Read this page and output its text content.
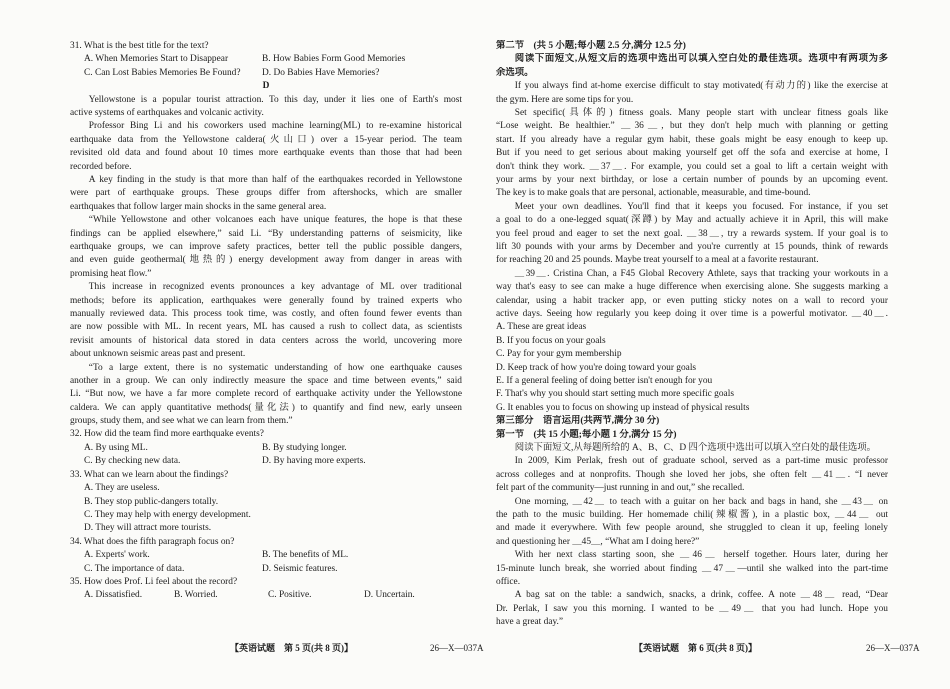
31. What is the best title for the text?
A. When Memories Start to Disappear	B. How Babies Form Good Memories
C. Can Lost Babies Memories Be Found?	D. Do Babies Have Memories?
D
Yellowstone is a popular tourist attraction. To this day, under it lies one of Earth's most
active systems of earthquakes and volcanic activity.
Professor Bing Li and his coworkers used machine learning(ML) to re-examine historical
earthquake data from the Yellowstone caldera(火山口) over a 15-year period. The team
revisited old data and found about 10 times more earthquake events than those that had been
recorded before.
A key finding in the study is that more than half of the earthquakes recorded in Yellowstone
were part of earthquake groups. These groups differ from aftershocks, which are smaller
earthquakes that follow larger main shocks in the same general area.
“While Yellowstone and other volcanoes each have unique features, the hope is that these
findings can be applied elsewhere,” said Li. “By understanding patterns of seismicity, like
earthquake groups, we can improve safety practices, better tell the public possible dangers,
and even guide geothermal(地热的) energy development away from danger in areas with
promising heat flow.”
This increase in recognized events pronounces a key advantage of ML over traditional
methods; before its application, earthquakes were generally found by trained experts who
manually reviewed data. This process took time, was costly, and often found fewer events than
are now possible with ML. In recent years, ML has caused a rush to collect data, as scientists
revisit amounts of historical data stored in data centers across the world, uncovering more
about unknown seismic areas past and present.
“To a large extent, there is no systematic understanding of how one earthquake causes
another in a group. We can only indirectly measure the space and time between events,” said
Li. “But now, we have a far more complete record of earthquake activity under the Yellowstone
caldera. We can apply quantitative methods(量化法) to quantify and find new, early unseen
groups, study them, and see what we can learn from them.”
32. How did the team find more earthquake events?
A. By using ML.	B. By studying longer.
C. By checking new data.	D. By having more experts.
33. What can we learn about the findings?
A. They are useless.
B. They stop public-dangers totally.
C. They may help with energy development.
D. They will attract more tourists.
34. What does the fifth paragraph focus on?
A. Experts' work.	B. The benefits of ML.
C. The importance of data.	D. Seismic features.
35. How does Prof. Li feel about the record?
A. Dissatisfied.	B. Worried.	C. Positive.	D. Uncertain.
【英语试题　第 5 页(共 8 页)】	26—X—037A
第二节　(共 5 小题;每小题 2.5 分,满分 12.5 分)
阅读下面短文,从短文后的选项中选出可以填入空白处的最佳选项。选项中有两项为多
余选项。
If you always find at-home exercise difficult to stay motivated(有动力的) like the exercise at
the gym. Here are some tips for you.
Set specific(具体的) fitness goals. Many people start with unclear fitness goals like
“Lose weight. Be healthier.” ＿36＿, but they don't help much with planning or getting
start. If you already have a regular gym habit, these goals might be easy enough to keep up.
But if you need to get serious about making yourself get off the sofa and exercise at home, I
don't think they work. ＿37＿. For example, you could set a goal to lift a certain weight with
your arms by your next birthday, or lose a certain number of pounds by an upcoming event.
The key is to make goals that are personal, actionable, measurable, and time-bound.
Meet your own deadlines. You'll find that it keeps you focused. For instance, if you set
a goal to do a one-legged squat(深蹲) by May and actually achieve it in April, this will make
you feel proud and eager to set the next goal. ＿38＿, try a rewards system. If your goal is to
lift 30 pounds with your arms by December and you're currently at 15 pounds, think of rewards
for reaching 20 and 25 pounds. Maybe treat yourself to a meal at a favorite restaurant.
＿39＿. Cristina Chan, a F45 Global Recovery Athlete, says that tracking your workouts in a
way that's easy to see can make a huge difference when exercising alone. She suggests marking a
calendar, using a habit tracker app, or even putting sticky notes on a wall to record your
active days. Seeing how regularly you keep doing it over time is a powerful motivator. ＿40＿.
A. These are great ideas
B. If you focus on your goals
C. Pay for your gym membership
D. Keep track of how you're doing toward your goals
E. If a general feeling of doing better isn't enough for you
F. That's why you should start setting much more specific goals
G. It enables you to focus on showing up instead of physical results
第三部分　语言运用(共两节,满分 30 分)
第一节　(共 15 小题;每小题 1 分,满分 15 分)
阅读下面短文,从每题所给的 A、B、C、D 四个选项中选出可以填入空白处的最佳选项。
In 2009, Kim Perlak, fresh out of graduate school, served as a part-time music professor
across colleges and at nonprofits. Though she loved her jobs, she often felt ＿41＿. “I never
felt part of the community—just running in and out,” she recalled.
One morning, ＿42＿ to teach with a guitar on her back and bags in hand, she ＿43＿ on
the path to the music building. Her homemade chili(辣椒酱), in a plastic box, ＿44＿ out
and made it everywhere. With few people around, she struggled to clean it up, feeling lonely
and questioning her ＿45＿, “What am I doing here?”
With her next class starting soon, she ＿46＿ herself together. Hours later, during her
15-minute lunch break, she worried about finding ＿47＿—until she walked into the part-time
office.
A bag sat on the table: a sandwich, snacks, a drink, coffee. A note ＿48＿ read, “Dear
Dr. Perlak, I saw you this morning. I wanted to be ＿49＿ that you had lunch. Hope you
have a great day.”
【英语试题　第 6 页(共 8 页)】	26—X—037A
